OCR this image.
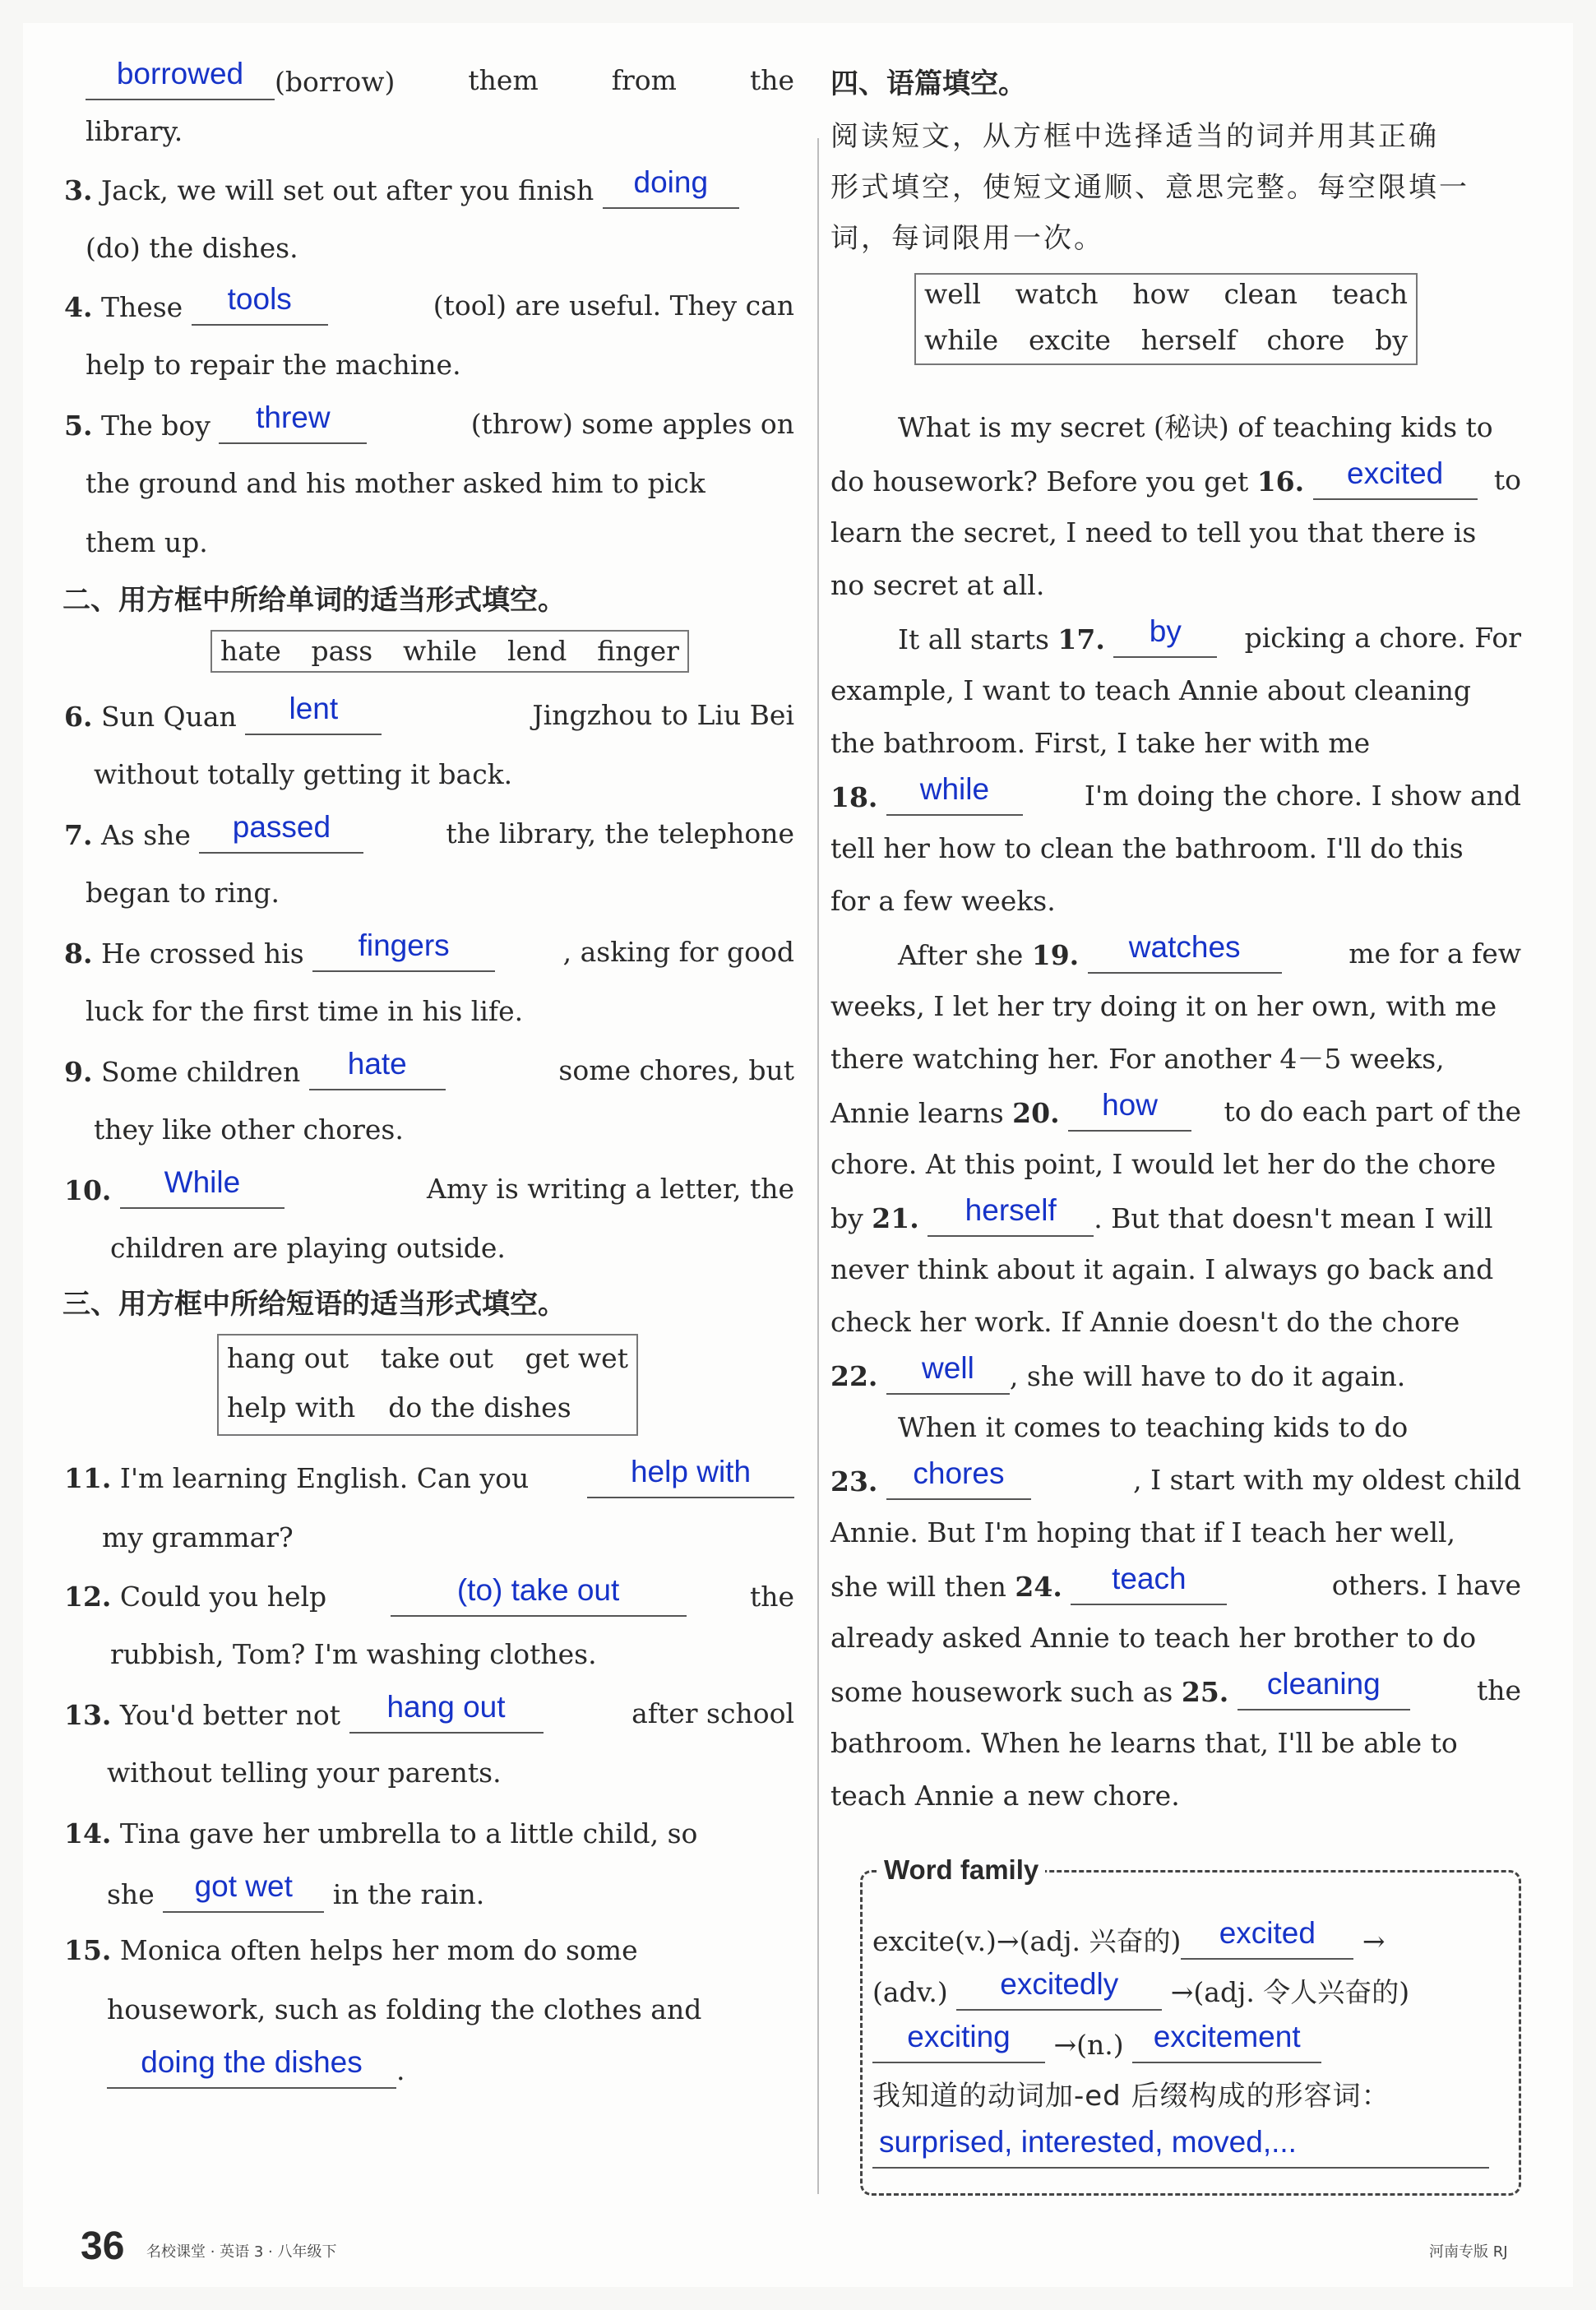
borrowed	(borrow)	them	from	the
library.
3. Jack, we will set out after you finish	doing
(do) the dishes.
4. These	tools	(tool) are useful. They can
help to repair the machine.
5. The boy	threw	(throw) some apples on
the ground and his mother asked him to pick
them up.
二、用方框中所给单词的适当形式填空。
hate pass while lend finger
6. Sun Quan	lent	Jingzhou to Liu Bei
without totally getting it back.
7. As she	passed	the library, the telephone
began to ring.
8. He crossed his	fingers	, asking for good
luck for the first time in his life.
9. Some children	hate	some chores, but
they like other chores.
10.	While	Amy is writing a letter, the
children are playing outside.
三、用方框中所给短语的适当形式填空。
hang out take out get wet
help with do the dishes
11. I'm learning English. Can you	help with
my grammar?
12. Could you help	(to) take out	the
rubbish, Tom? I'm washing clothes.
13. You'd better not	hang out	after school
without telling your parents.
14. Tina gave her umbrella to a little child, so
she	got wet	in the rain.
15. Monica often helps her mom do some
housework, such as folding the clothes and
doing the dishes	.
四、语篇填空。
阅读短文，从方框中选择适当的词并用其正确
形式填空，使短文通顺、意思完整。每空限填一
词，每词限用一次。
well watch how clean teach
while excite herself chore by
What is my secret (秘诀) of teaching kids to
do housework? Before you get 16.	excited	to
learn the secret, I need to tell you that there is
no secret at all.
It all starts 17.	by	picking a chore. For
example, I want to teach Annie about cleaning
the bathroom. First, I take her with me
18.	while	I'm doing the chore. I show and
tell her how to clean the bathroom. I'll do this
for a few weeks.
After she 19.	watches	me for a few
weeks, I let her try doing it on her own, with me
there watching her. For another 4－5 weeks,
Annie learns 20.	how	to do each part of the
chore. At this point, I would let her do the chore
by 21.	herself	. But that doesn't mean I will
never think about it again. I always go back and
check her work. If Annie doesn't do the chore
22.	well	, she will have to do it again.
When it comes to teaching kids to do
23.	chores	, I start with my oldest child
Annie. But I'm hoping that if I teach her well,
she will then 24.	teach	others. I have
already asked Annie to teach her brother to do
some housework such as 25.	cleaning	the
bathroom. When he learns that, I'll be able to
teach Annie a new chore.
Word family
excite(v.)→(adj. 兴奋的)	excited	→
(adv.)	excitedly	→(adj. 令人兴奋的)
exciting	→(n.) excitement
我知道的动词加-ed 后缀构成的形容词：
surprised, interested, moved,...
36 名校课堂 · 英语 3 · 八年级下	河南专版 RJ
